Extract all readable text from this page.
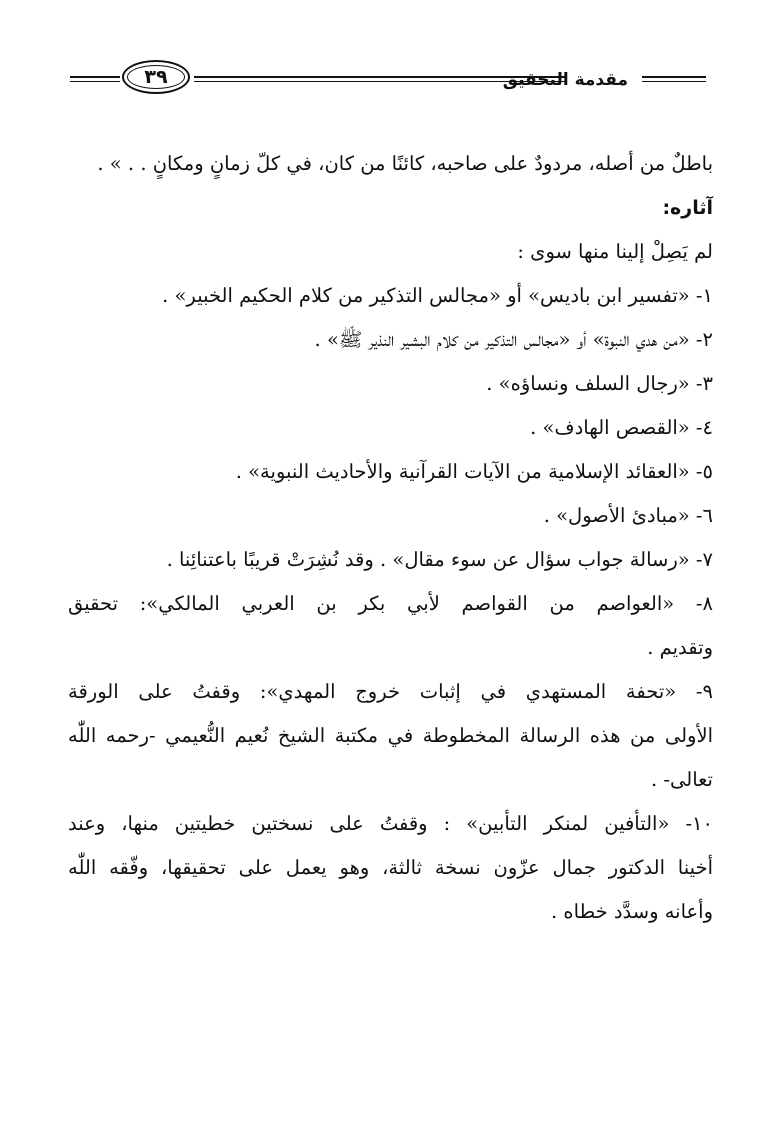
٣٩	مقدمة التحقيق

باطلٌ من أصله، مردودٌ على صاحبه، كائنًا من كان، في كلّ زمانٍ ومكانٍ . . » .

آثاره:

لم يَصِلْ إلينا منها سوى :

١- «تفسير ابن باديس» أو «مجالس التذكير من كلام الحكيم الخبير» .

٢- «من هدي النبوة» أو «مجالس التذكير من كلام البشير النذير ﷺ» .

٣- «رجال السلف ونساؤه» .

٤- «القصص الهادف» .

٥- «العقائد الإسلامية من الآيات القرآنية والأحاديث النبوية» .

٦- «مبادئ الأصول» .

٧- «رسالة جواب سؤال عن سوء مقال» . وقد نُشِرَتْ قريبًا باعتنائِنا .

٨- «العواصم من القواصم لأبي بكر بن العربي المالكي»: تحقيق

وتقديم .

٩- «تحفة المستهدي في إثبات خروج المهدي»: وقفتُ على الورقة

الأولى من هذه الرسالة المخطوطة في مكتبة الشيخ نُعيم النُّعيمي -رحمه اللّٰه

تعالى- .

١٠- «التأفين لمنكر التأبين» : وقفتُ على نسختين خطيتين منها، وعند

أخينا الدكتور جمال عزّون نسخة ثالثة، وهو يعمل على تحقيقها، وفّقه اللّٰه

وأعانه وسدَّد خطاه .
